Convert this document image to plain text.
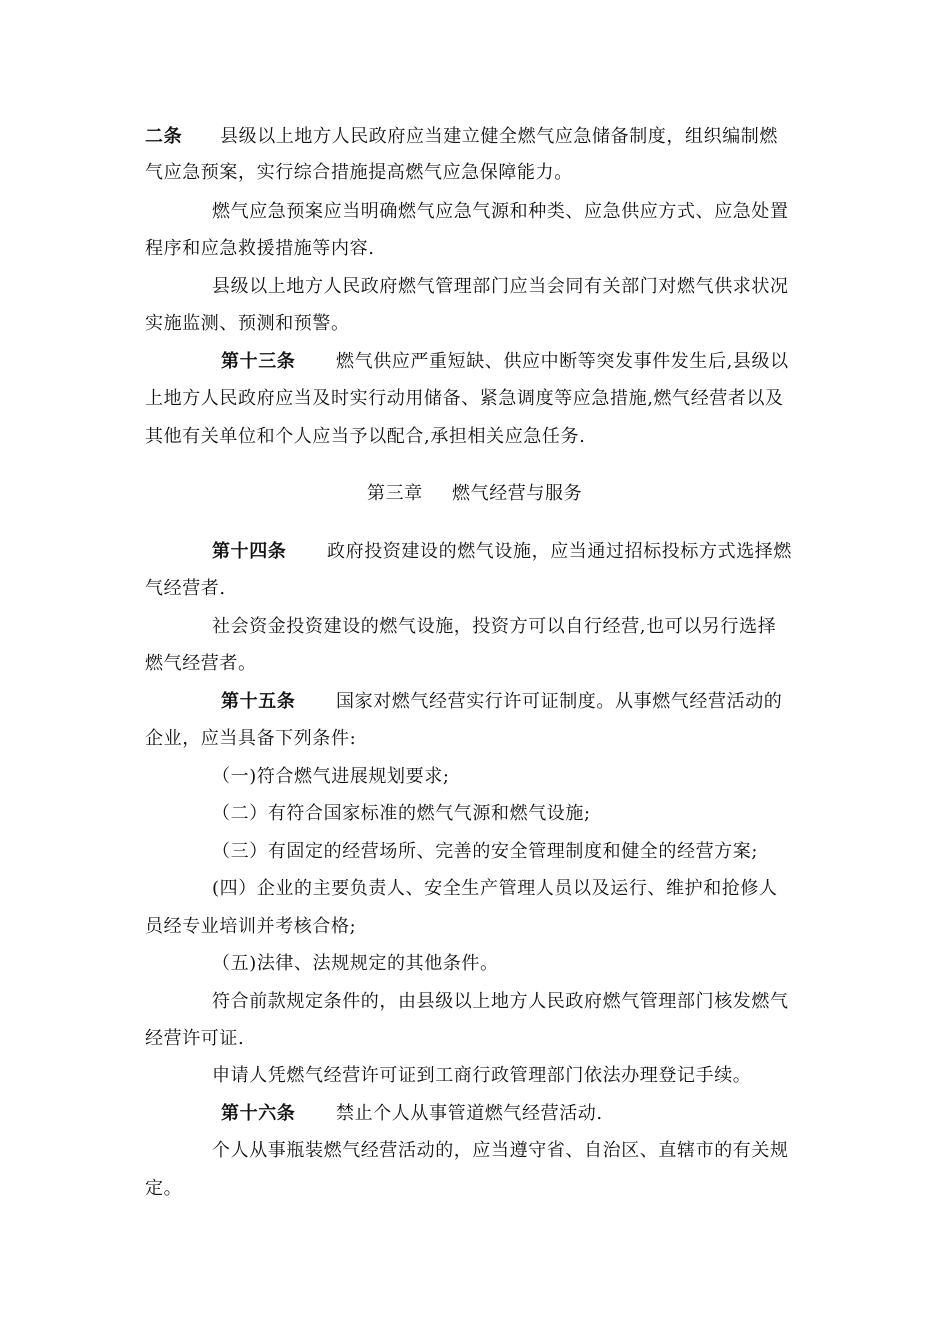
二条 县级以上地方人民政府应当建立健全燃气应急储备制度，组织编制燃
气应急预案，实行综合措施提高燃气应急保障能力。
燃气应急预案应当明确燃气应急气源和种类、应急供应方式、应急处置
程序和应急救援措施等内容.
县级以上地方人民政府燃气管理部门应当会同有关部门对燃气供求状况
实施监测、预测和预警。
第十三条 燃气供应严重短缺、供应中断等突发事件发生后,县级以
上地方人民政府应当及时实行动用储备、紧急调度等应急措施,燃气经营者以及
其他有关单位和个人应当予以配合,承担相关应急任务.
第三章 燃气经营与服务
第十四条 政府投资建设的燃气设施，应当通过招标投标方式选择燃
气经营者.
社会资金投资建设的燃气设施，投资方可以自行经营,也可以另行选择
燃气经营者。
第十五条 国家对燃气经营实行许可证制度。从事燃气经营活动的
企业，应当具备下列条件:
（一)符合燃气进展规划要求;
（二）有符合国家标准的燃气气源和燃气设施;
（三）有固定的经营场所、完善的安全管理制度和健全的经营方案;
(四）企业的主要负责人、安全生产管理人员以及运行、维护和抢修人
员经专业培训并考核合格;
（五)法律、法规规定的其他条件。
符合前款规定条件的，由县级以上地方人民政府燃气管理部门核发燃气
经营许可证.
申请人凭燃气经营许可证到工商行政管理部门依法办理登记手续。
第十六条 禁止个人从事管道燃气经营活动.
个人从事瓶装燃气经营活动的，应当遵守省、自治区、直辖市的有关规
定。
